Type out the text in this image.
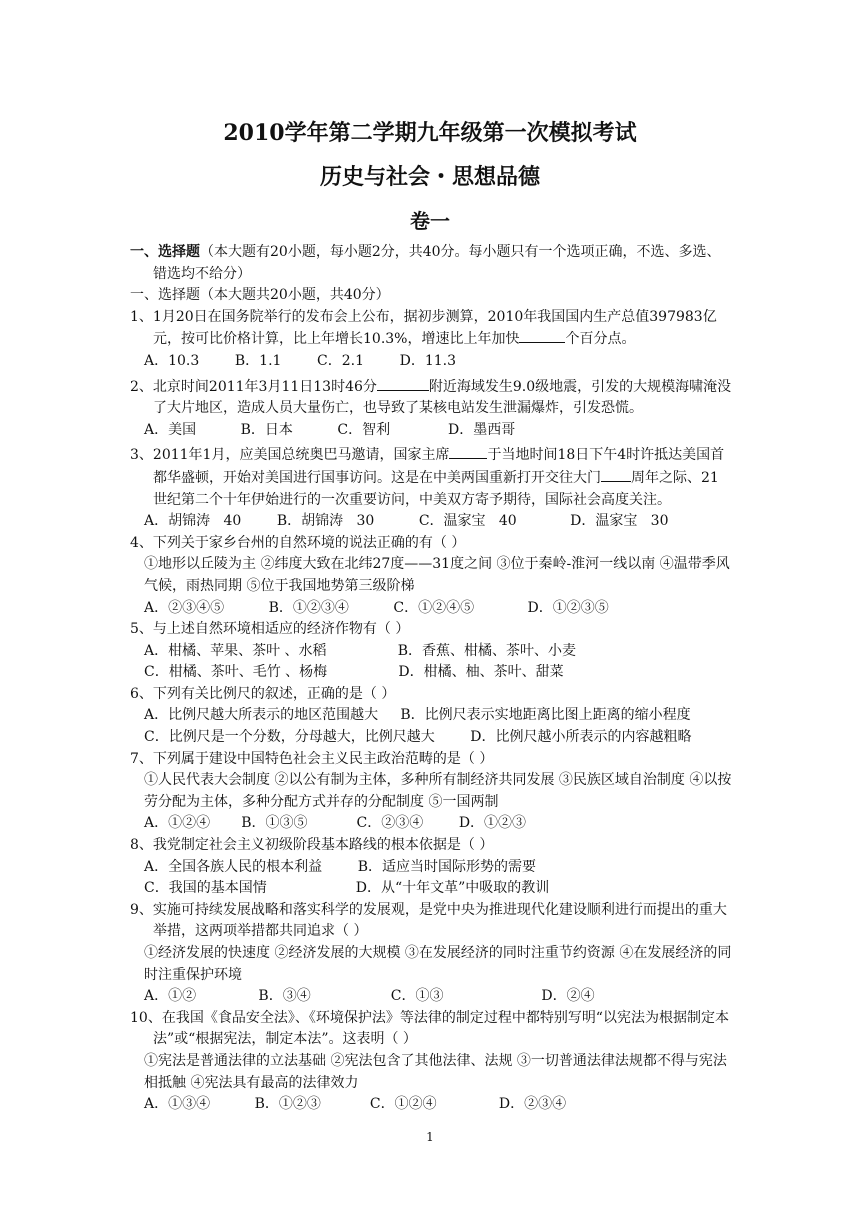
2010学年第二学期九年级第一次模拟考试
历史与社会・思想品德
卷一

一、选择题（本大题有20小题，每小题2分，共40分。每小题只有一个选项正确，不选、多选、错选均不给分）

一、选择题（本大题共20小题，共40分）

1、1月20日在国务院举行的发布会上公布，据初步测算，2010年我国国内生产总值397983亿元，按可比价格计算，比上年增长10.3%，增速比上年加快	个百分点。

A．10.3        B．1.1        C．2.1        D．11.3

2、北京时间2011年3月11日13时46分	附近海域发生9.0级地震，引发的大规模海啸淹没了大片地区，造成人员大量伤亡，也导致了某核电站发生泄漏爆炸，引发恐慌。

A．美国          B．日本          C．智利             D．墨西哥

3、2011年1月，应美国总统奥巴马邀请，国家主席	于当地时间18日下午4时许抵达美国首都华盛顿，开始对美国进行国事访问。这是在中美两国重新打开交往大门 周年之际、21世纪第二个十年伊始进行的一次重要访问，中美双方寄予期待，国际社会高度关注。

A．胡锦涛   40        B．胡锦涛   30          C．温家宝   40            D．温家宝   30

4、下列关于家乡台州的自然环境的说法正确的有（ ）

①地形以丘陵为主 ②纬度大致在北纬27度——31度之间 ③位于秦岭-淮河一线以南 ④温带季风气候，雨热同期 ⑤位于我国地势第三级阶梯

A．②③④⑤          B．①②③④          C．①②④⑤            D．①②③⑤

5、与上述自然环境相适应的经济作物有（ ）

A．柑橘、苹果、茶叶 、水稻                B．香蕉、柑橘、茶叶、小麦

C．柑橘、茶叶、毛竹 、杨梅                D．柑橘、柚、茶叶、甜菜

6、下列有关比例尺的叙述，正确的是（ ）

A．比例尺越大所表示的地区范围越大     B．比例尺表示实地距离比图上距离的缩小程度

C．比例尺是一个分数，分母越大，比例尺越大        D．比例尺越小所表示的内容越粗略

7、下列属于建设中国特色社会主义民主政治范畴的是（ ）

①人民代表大会制度 ②以公有制为主体，多种所有制经济共同发展 ③民族区域自治制度 ④以按劳分配为主体，多种分配方式并存的分配制度 ⑤一国两制

A．①②④       B．①③⑤           C．②③④        D．①②③

8、我党制定社会主义初级阶段基本路线的根本依据是（ ）

A．全国各族人民的根本利益        B．适应当时国际形势的需要

C．我国的基本国情                    D．从“十年文革”中吸取的教训

9、实施可持续发展战略和落实科学的发展观，是党中央为推进现代化建设顺利进行而提出的重大举措，这两项举措都共同追求（ ）

①经济发展的快速度 ②经济发展的大规模 ③在发展经济的同时注重节约资源 ④在发展经济的同时注重保护环境

A．①②              B．③④                  C．①③                      D．②④

10、在我国《食品安全法》、《环境保护法》等法律的制定过程中都特别写明“以宪法为根据制定本法”或“根据宪法，制定本法”。这表明（ ）

①宪法是普通法律的立法基础 ②宪法包含了其他法律、法规 ③一切普通法律法规都不得与宪法相抵触 ④宪法具有最高的法律效力

A．①③④          B．①②③           C．①②④              D．②③④

1
